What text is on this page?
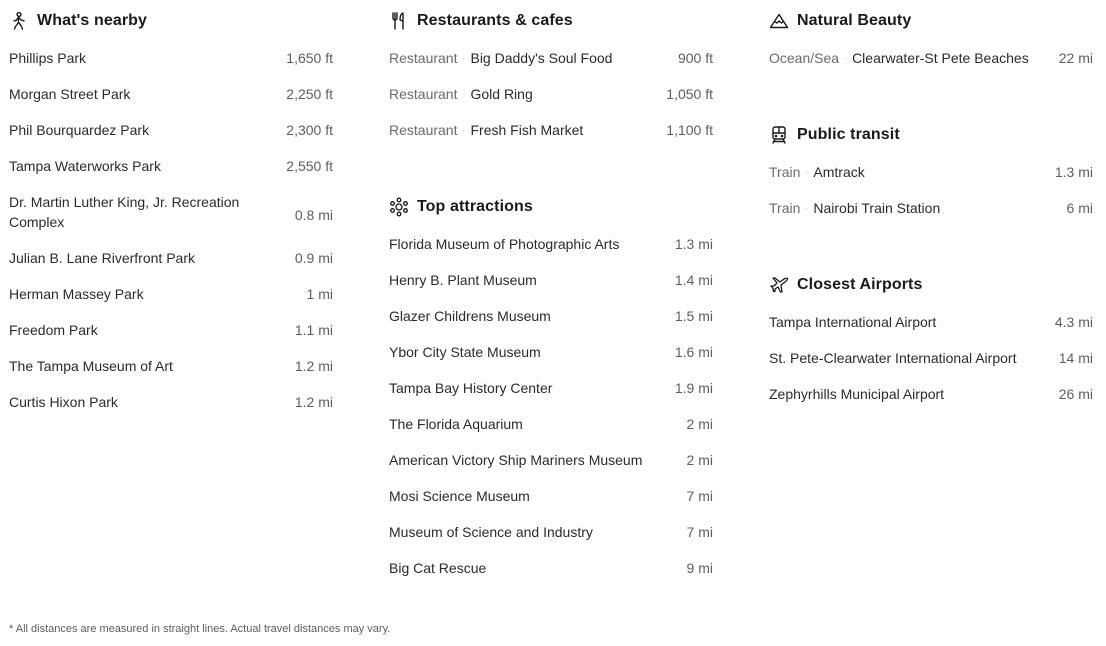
What's nearby
Phillips Park	1,650 ft
Morgan Street Park	2,250 ft
Phil Bourquardez Park	2,300 ft
Tampa Waterworks Park	2,550 ft
Dr. Martin Luther King, Jr. Recreation Complex	0.8 mi
Julian B. Lane Riverfront Park	0.9 mi
Herman Massey Park	1 mi
Freedom Park	1.1 mi
The Tampa Museum of Art	1.2 mi
Curtis Hixon Park	1.2 mi
Restaurants & cafes
Restaurant · Big Daddy's Soul Food	900 ft
Restaurant · Gold Ring	1,050 ft
Restaurant · Fresh Fish Market	1,100 ft
Top attractions
Florida Museum of Photographic Arts	1.3 mi
Henry B. Plant Museum	1.4 mi
Glazer Childrens Museum	1.5 mi
Ybor City State Museum	1.6 mi
Tampa Bay History Center	1.9 mi
The Florida Aquarium	2 mi
American Victory Ship Mariners Museum	2 mi
Mosi Science Museum	7 mi
Museum of Science and Industry	7 mi
Big Cat Rescue	9 mi
Natural Beauty
Ocean/Sea · Clearwater-St Pete Beaches	22 mi
Public transit
Train · Amtrack	1.3 mi
Train · Nairobi Train Station	6 mi
Closest Airports
Tampa International Airport	4.3 mi
St. Pete-Clearwater International Airport	14 mi
Zephyrhills Municipal Airport	26 mi
* All distances are measured in straight lines. Actual travel distances may vary.
